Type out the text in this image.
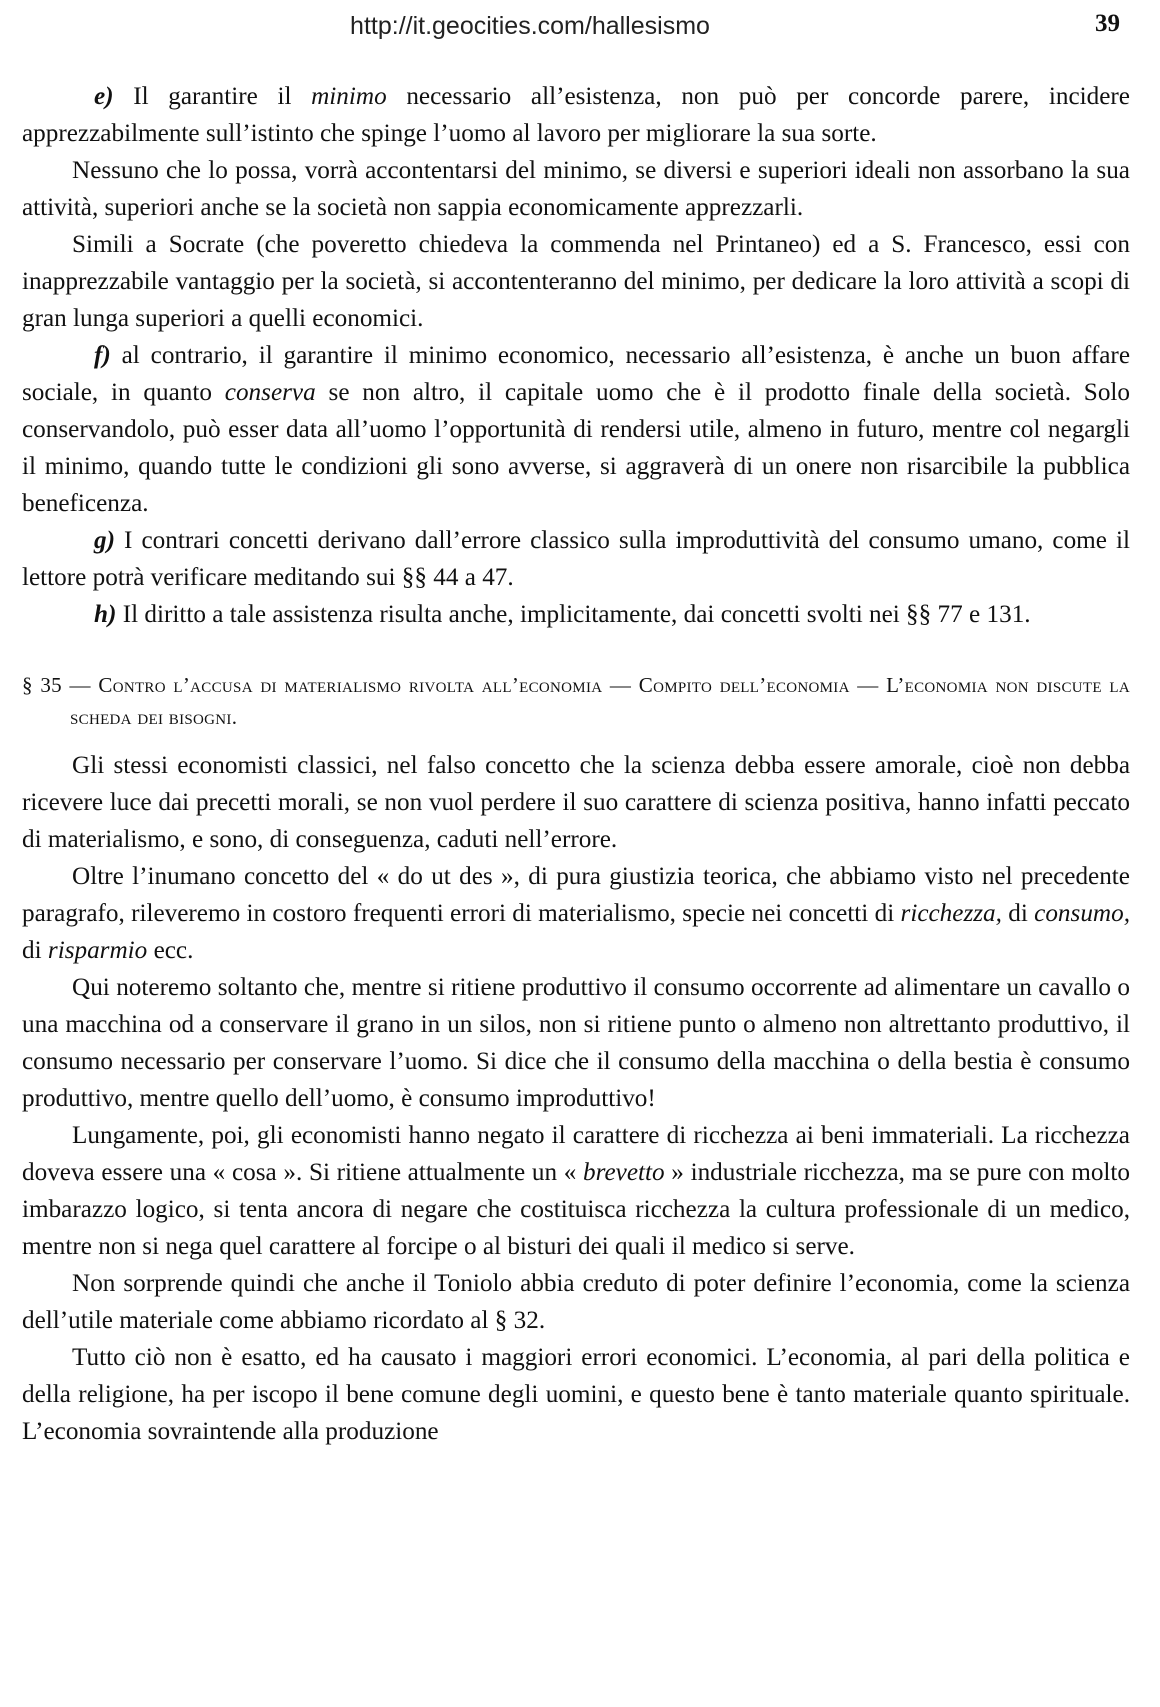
http://it.geocities.com/hallesismo	39

e) Il garantire il minimo necessario all’esistenza, non può per concorde parere, incidere apprezzabilmente sull’istinto che spinge l’uomo al lavoro per migliorare la sua sorte.

Nessuno che lo possa, vorrà accontentarsi del minimo, se diversi e superiori ideali non assorbano la sua attività, superiori anche se la società non sappia economicamente apprezzarli.

Simili a Socrate (che poveretto chiedeva la commenda nel Printaneo) ed a S. Francesco, essi con inapprezzabile vantaggio per la società, si accontenteranno del minimo, per dedicare la loro attività a scopi di gran lunga superiori a quelli economici.

f) al contrario, il garantire il minimo economico, necessario all’esistenza, è anche un buon affare sociale, in quanto conserva se non altro, il capitale uomo che è il prodotto finale della società. Solo conservandolo, può esser data all’uomo l’opportunità di rendersi utile, almeno in futuro, mentre col negargli il minimo, quando tutte le condizioni gli sono avverse, si aggraverà di un onere non risarcibile la pubblica beneficenza.

g) I contrari concetti derivano dall’errore classico sulla improduttività del consumo umano, come il lettore potrà verificare meditando sui §§ 44 a 47.

h) Il diritto a tale assistenza risulta anche, implicitamente, dai concetti svolti nei §§ 77 e 131.

§ 35 — Contro l’accusa di materialismo rivolta all’economia — Compito dell’economia — L’economia non discute la scheda dei bisogni.

Gli stessi economisti classici, nel falso concetto che la scienza debba essere amorale, cioè non debba ricevere luce dai precetti morali, se non vuol perdere il suo carattere di scienza positiva, hanno infatti peccato di materialismo, e sono, di conseguenza, caduti nell’errore.

Oltre l’inumano concetto del « do ut des », di pura giustizia teorica, che abbiamo visto nel precedente paragrafo, rileveremo in costoro frequenti errori di materialismo, specie nei concetti di ricchezza, di consumo, di risparmio ecc.

Qui noteremo soltanto che, mentre si ritiene produttivo il consumo occorrente ad alimentare un cavallo o una macchina od a conservare il grano in un silos, non si ritiene punto o almeno non altrettanto produttivo, il consumo necessario per conservare l’uomo. Si dice che il consumo della macchina o della bestia è consumo produttivo, mentre quello dell’uomo, è consumo improduttivo!

Lungamente, poi, gli economisti hanno negato il carattere di ricchezza ai beni immateriali. La ricchezza doveva essere una « cosa ». Si ritiene attualmente un « brevetto » industriale ricchezza, ma se pure con molto imbarazzo logico, si tenta ancora di negare che costituisca ricchezza la cultura professionale di un medico, mentre non si nega quel carattere al forcipe o al bisturi dei quali il medico si serve.

Non sorprende quindi che anche il Toniolo abbia creduto di poter definire l’economia, come la scienza dell’utile materiale come abbiamo ricordato al § 32.

Tutto ciò non è esatto, ed ha causato i maggiori errori economici. L’economia, al pari della politica e della religione, ha per iscopo il bene comune degli uomini, e questo bene è tanto materiale quanto spirituale. L’economia sovraintende alla produzione
